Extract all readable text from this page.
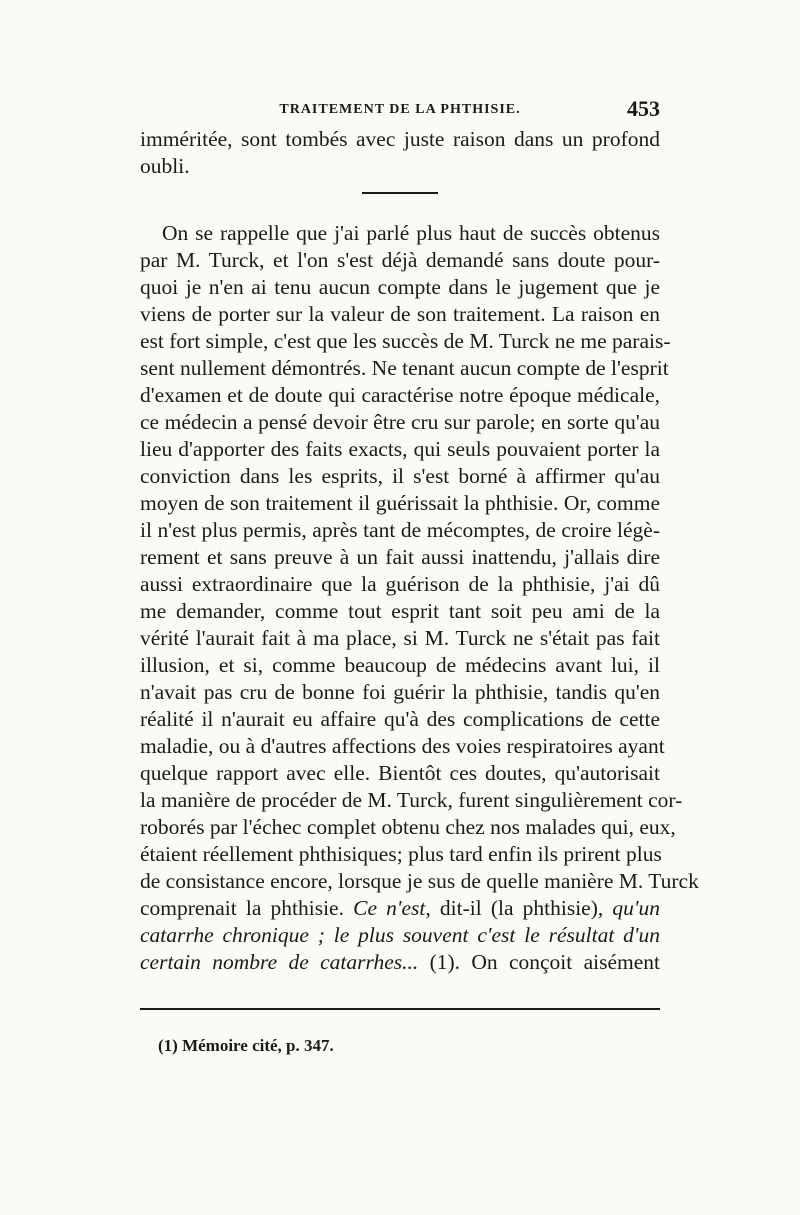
TRAITEMENT DE LA PHTHISIE.	453

imméritée, sont tombés avec juste raison dans un profond
oubli.

On se rappelle que j'ai parlé plus haut de succès obtenus
par M. Turck, et l'on s'est déjà demandé sans doute pour-
quoi je n'en ai tenu aucun compte dans le jugement que je
viens de porter sur la valeur de son traitement. La raison en
est fort simple, c'est que les succès de M. Turck ne me parais-
sent nullement démontrés. Ne tenant aucun compte de l'esprit
d'examen et de doute qui caractérise notre époque médicale,
ce médecin a pensé devoir être cru sur parole; en sorte qu'au
lieu d'apporter des faits exacts, qui seuls pouvaient porter la
conviction dans les esprits, il s'est borné à affirmer qu'au
moyen de son traitement il guérissait la phthisie. Or, comme
il n'est plus permis, après tant de mécomptes, de croire légè-
rement et sans preuve à un fait aussi inattendu, j'allais dire
aussi extraordinaire que la guérison de la phthisie, j'ai dû
me demander, comme tout esprit tant soit peu ami de la
vérité l'aurait fait à ma place, si M. Turck ne s'était pas fait
illusion, et si, comme beaucoup de médecins avant lui, il
n'avait pas cru de bonne foi guérir la phthisie, tandis qu'en
réalité il n'aurait eu affaire qu'à des complications de cette
maladie, ou à d'autres affections des voies respiratoires ayant
quelque rapport avec elle. Bientôt ces doutes, qu'autorisait
la manière de procéder de M. Turck, furent singulièrement cor-
roborés par l'échec complet obtenu chez nos malades qui, eux,
étaient réellement phthisiques; plus tard enfin ils prirent plus
de consistance encore, lorsque je sus de quelle manière M. Turck
comprenait la phthisie. Ce n'est, dit-il (la phthisie), qu'un
catarrhe chronique ; le plus souvent c'est le résultat d'un
certain nombre de catarrhes... (1). On conçoit aisément

(1) Mémoire cité, p. 347.
